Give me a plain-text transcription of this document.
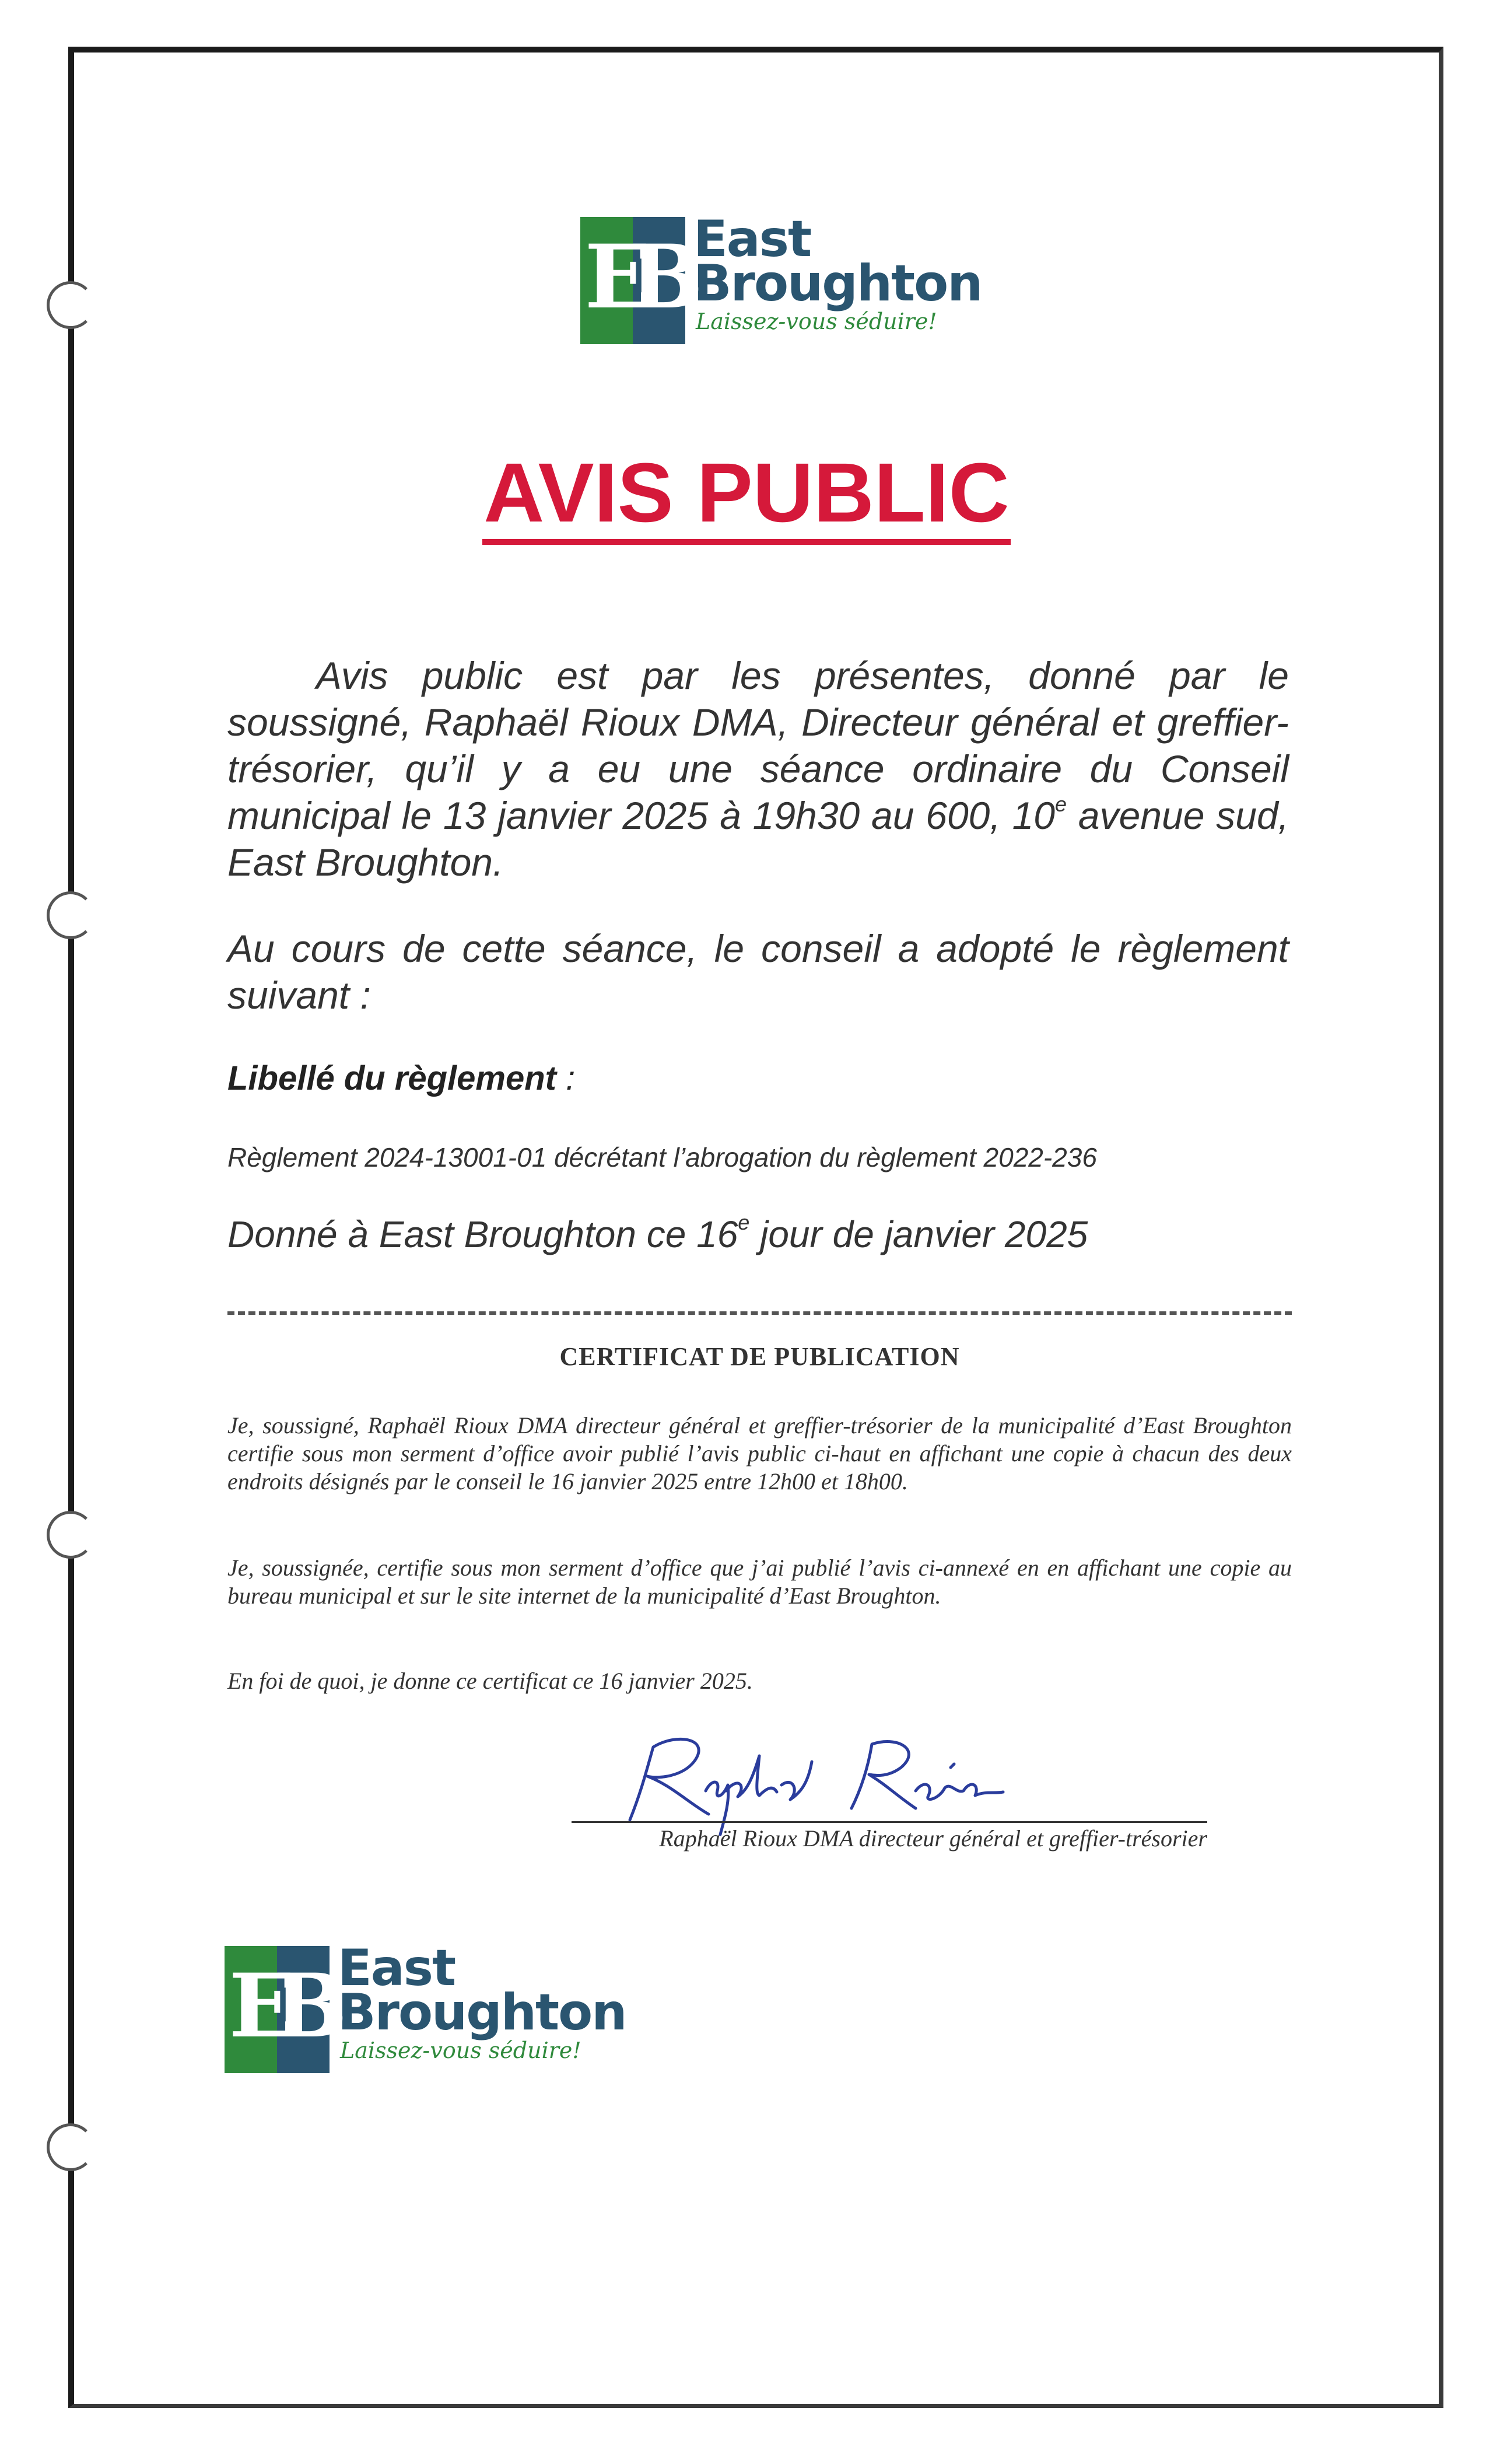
EB East
Broughton
Laissez-vous séduire!
AVIS PUBLIC

Avis public est par les présentes, donné par le soussigné, Raphaël Rioux DMA, Directeur général et greffier- trésorier, qu’il y a eu une séance ordinaire du Conseil municipal le 13 janvier 2025 à 19h30 au 600, 10e avenue sud, East Broughton.

Au cours de cette séance, le conseil a adopté le règlement suivant :

Libellé du règlement :
Règlement 2024-13001-01 décrétant l’abrogation du règlement 2022-236
Donné à East Broughton ce 16e jour de janvier 2025
CERTIFICAT DE PUBLICATION

Je, soussigné, Raphaël Rioux DMA directeur général et greffier-trésorier de la municipalité d’East Broughton certifie sous mon serment d’office avoir publié l’avis public ci-haut en affichant une copie à chacun des deux endroits désignés par le conseil le 16 janvier 2025 entre 12h00 et 18h00.

Je, soussignée, certifie sous mon serment d’office que j’ai publié l’avis ci-annexé en en affichant une copie au bureau municipal et sur le site internet de la municipalité d’East Broughton.

En foi de quoi, je donne ce certificat ce 16 janvier 2025.

Raphaël Rioux DMA directeur général et greffier-trésorier
EB East
Broughton
Laissez-vous séduire!
